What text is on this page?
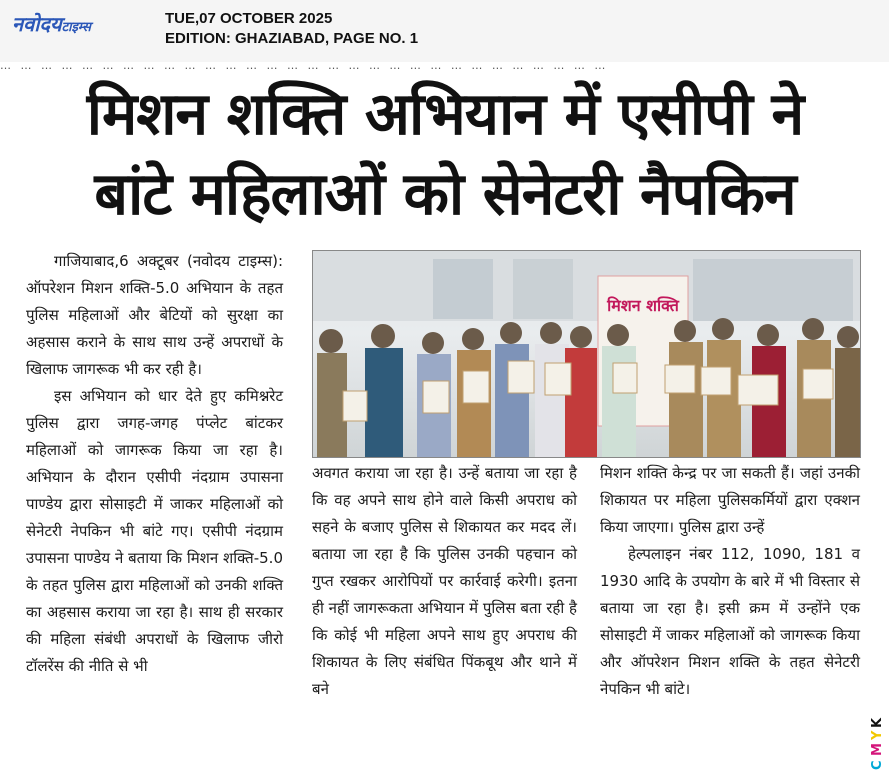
नवोदयटाइम्स
TUE,07 OCTOBER 2025
EDITION: GHAZIABAD, PAGE NO. 1
… … … … … … … … … … … … … … … … … … … … … … … … … … … … … …
मिशन शक्ति अभियान में एसीपी ने
बांटे महिलाओं को सेनेटरी नैपकिन

गाजियाबाद,6 अक्टूबर (नवोदय टाइम्स): ऑपरेशन मिशन शक्ति-5.0 अभियान के तहत पुलिस महिलाओं और बेटियों को सुरक्षा का अहसास कराने के साथ साथ उन्हें अपराधों के खिलाफ जागरूक भी कर रही है।

इस अभियान को धार देते हुए कमिश्नरेट पुलिस द्वारा जगह-जगह पंप्लेट बांटकर महिलाओं को जागरूक किया जा रहा है। अभियान के दौरान एसीपी नंदग्राम उपासना पाण्डेय द्वारा सोसाइटी में जाकर महिलाओं को सेनेटरी नेपकिन भी बांटे गए। एसीपी नंदग्राम उपासना पाण्डेय ने बताया कि मिशन शक्ति-5.0 के तहत पुलिस द्वारा महिलाओं को उनकी शक्ति का अहसास कराया जा रहा है। साथ ही सरकार की महिला संबंधी अपराधों के खिलाफ जीरो टॉलरेंस की नीति से भी

मिशन शक्ति

अवगत कराया जा रहा है। उन्हें बताया जा रहा है कि वह अपने साथ होने वाले किसी अपराध को सहने के बजाए पुलिस से शिकायत कर मदद लें। बताया जा रहा है कि पुलिस उनकी पहचान को गुप्त रखकर आरोपियों पर कार्रवाई करेगी। इतना ही नहीं जागरूकता अभियान में पुलिस बता रही है कि कोई भी महिला अपने साथ हुए अपराध की शिकायत के लिए संबंधित पिंकबूथ और थाने में बने

मिशन शक्ति केन्द्र पर जा सकती हैं। जहां उनकी शिकायत पर महिला पुलिसकर्मियों द्वारा एक्शन किया जाएगा। पुलिस द्वारा उन्हें

हेल्पलाइन नंबर 112, 1090, 181 व 1930 आदि के उपयोग के बारे में भी विस्तार से बताया जा रहा है। इसी क्रम में उन्होंने एक सोसाइटी में जाकर महिलाओं को जागरूक किया और ऑपरेशन मिशन शक्ति के तहत सेनेटरी नेपकिन भी बांटे।

C
M
Y
K
